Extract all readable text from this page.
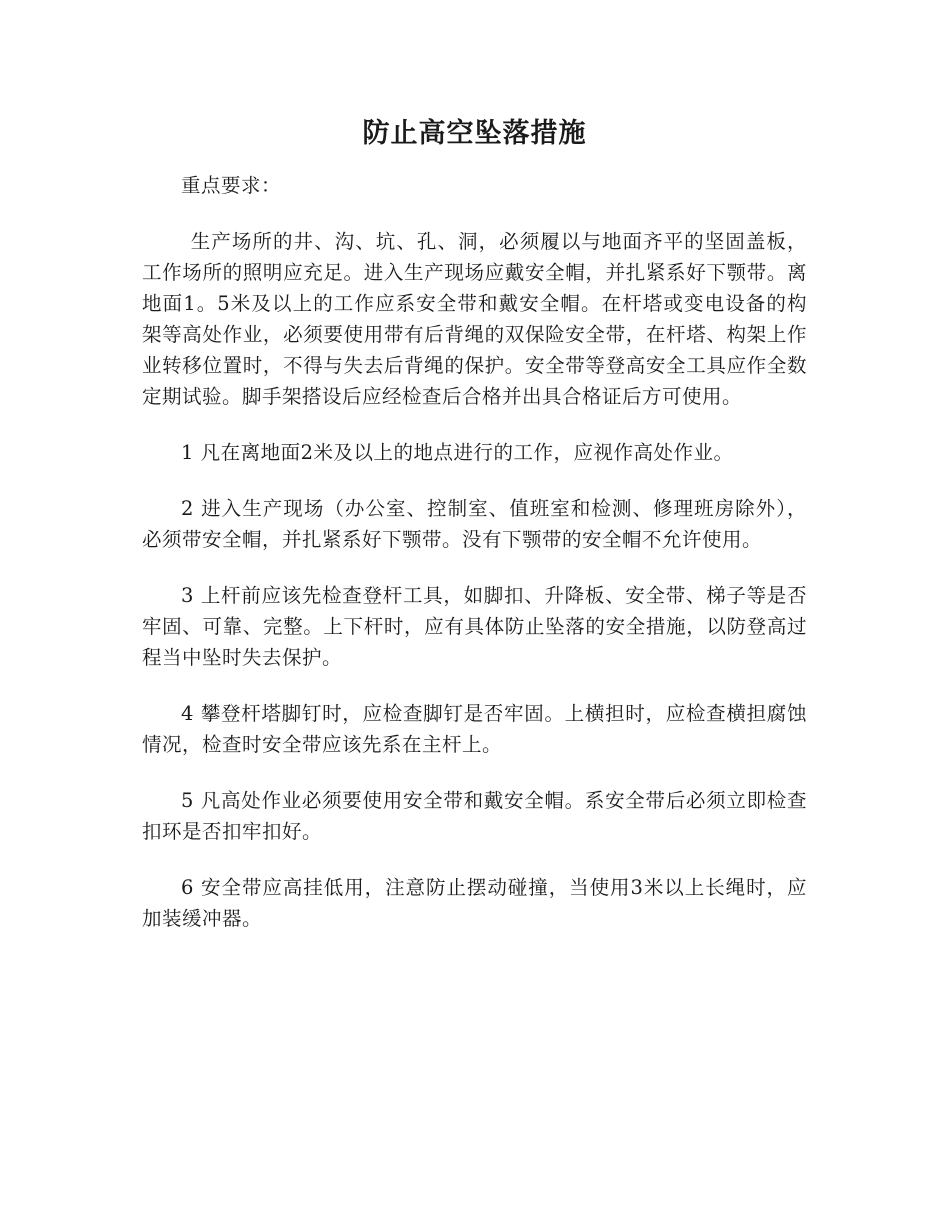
防止高空坠落措施
重点要求：
生产场所的井、沟、坑、孔、洞，必须履以与地面齐平的坚固盖板，工作场所的照明应充足。进入生产现场应戴安全帽，并扎紧系好下颚带。离地面1。5米及以上的工作应系安全带和戴安全帽。在杆塔或变电设备的构架等高处作业，必须要使用带有后背绳的双保险安全带，在杆塔、构架上作业转移位置时，不得与失去后背绳的保护。安全带等登高安全工具应作全数定期试验。脚手架搭设后应经检查后合格并出具合格证后方可使用。
1 凡在离地面2米及以上的地点进行的工作，应视作高处作业。
2 进入生产现场（办公室、控制室、值班室和检测、修理班房除外），必须带安全帽，并扎紧系好下颚带。没有下颚带的安全帽不允许使用。
3 上杆前应该先检查登杆工具，如脚扣、升降板、安全带、梯子等是否牢固、可靠、完整。上下杆时，应有具体防止坠落的安全措施，以防登高过程当中坠时失去保护。
4 攀登杆塔脚钉时，应检查脚钉是否牢固。上横担时，应检查横担腐蚀情况，检查时安全带应该先系在主杆上。
5 凡高处作业必须要使用安全带和戴安全帽。系安全带后必须立即检查扣环是否扣牢扣好。
6 安全带应高挂低用，注意防止摆动碰撞，当使用3米以上长绳时，应加装缓冲器。
